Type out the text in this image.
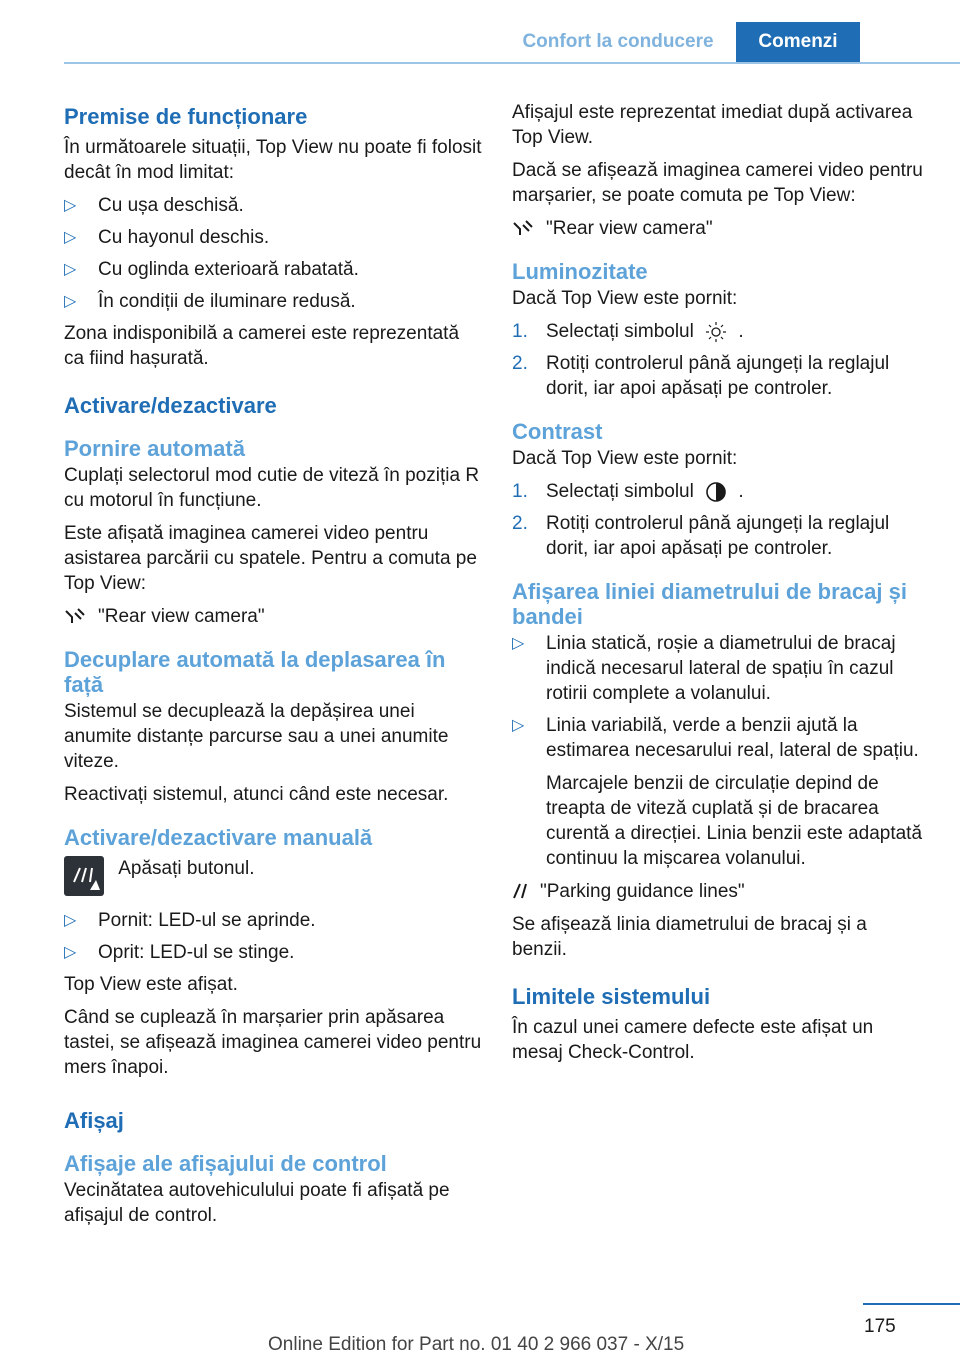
Confort la conducere	Comenzi
Premise de funcționare

În următoarele situații, Top View nu poate fi folosit decât în mod limitat:

▷ Cu ușa deschisă.
▷ Cu hayonul deschis.
▷ Cu oglinda exterioară rabatată.
▷ În condiții de iluminare redusă.

Zona indisponibilă a camerei este reprezentată ca fiind hașurată.

Activare/dezactivare
Pornire automată

Cuplați selectorul mod cutie de viteză în poziția R cu motorul în funcțiune.

Este afișată imaginea camerei video pentru asistarea parcării cu spatele. Pentru a comuta pe Top View:

"Rear view camera"
Decuplare automată la deplasarea în față

Sistemul se decuplează la depășirea unei anumite distanțe parcurse sau a unei anumite viteze.

Reactivați sistemul, atunci când este necesar.

Activare/dezactivare manuală
Apăsați butonul.
▷ Pornit: LED-ul se aprinde.
▷ Oprit: LED-ul se stinge.

Top View este afișat.

Când se cuplează în marșarier prin apăsarea tastei, se afișează imaginea camerei video pentru mers înapoi.

Afișaj
Afișaje ale afișajului de control

Vecinătatea autovehiculului poate fi afișată pe afișajul de control.

Afișajul este reprezentat imediat după activarea Top View.

Dacă se afișează imaginea camerei video pentru marșarier, se poate comuta pe Top View:

"Rear view camera"
Luminozitate

Dacă Top View este pornit:

1. Selectați simbolul .
2. Rotiți controlerul până ajungeți la reglajul dorit, iar apoi apăsați pe controler.
Contrast

Dacă Top View este pornit:

1. Selectați simbolul .
2. Rotiți controlerul până ajungeți la reglajul dorit, iar apoi apăsați pe controler.
Afișarea liniei diametrului de bracaj și bandei
▷ Linia statică, roșie a diametrului de bracaj indică necesarul lateral de spațiu în cazul rotirii complete a volanului.
▷ Linia variabilă, verde a benzii ajută la estimarea necesarului real, lateral de spațiu.

Marcajele benzii de circulație depind de treapta de viteză cuplată și de bracarea curentă a direcției. Linia benzii este adaptată continuu la mișcarea volanului.

"Parking guidance lines"

Se afișează linia diametrului de bracaj și a benzii.

Limitele sistemului

În cazul unei camere defecte este afișat un mesaj Check-Control.

175
Online Edition for Part no. 01 40 2 966 037 - X/15
